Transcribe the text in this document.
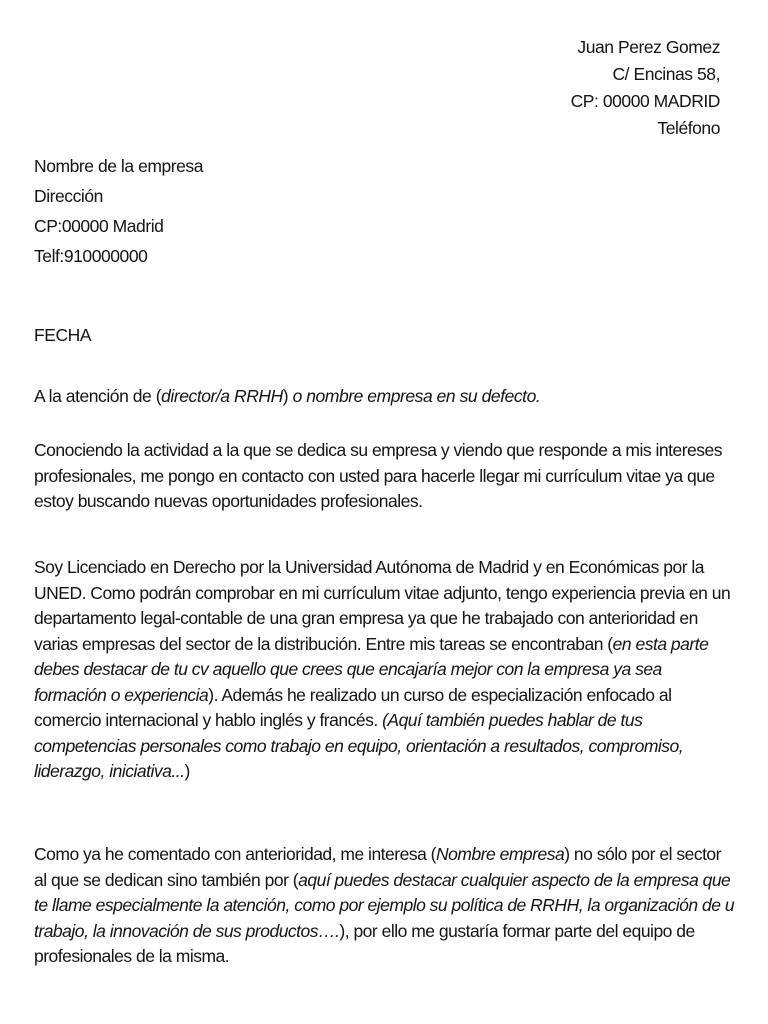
Juan Perez Gomez
C/ Encinas 58,
CP: 00000 MADRID
Teléfono
Nombre de la empresa
Dirección
CP:00000 Madrid
Telf:910000000
FECHA
A la atención de (director/a RRHH) o nombre empresa en su defecto.
Conociendo la actividad a la que se dedica su empresa y viendo que responde a mis intereses
profesionales, me pongo en contacto con usted para hacerle llegar mi currículum vitae ya que
estoy buscando nuevas oportunidades profesionales.
Soy Licenciado en Derecho por la Universidad Autónoma de Madrid y en Económicas por la
UNED. Como podrán comprobar en mi currículum vitae adjunto, tengo experiencia previa en un
departamento legal-contable de una gran empresa ya que he trabajado con anterioridad en
varias empresas del sector de la distribución. Entre mis tareas se encontraban (en esta parte
debes destacar de tu cv aquello que crees que encajaría mejor con la empresa ya sea
formación o experiencia). Además he realizado un curso de especialización enfocado al
comercio internacional y hablo inglés y francés. (Aquí también puedes hablar de tus
competencias personales como trabajo en equipo, orientación a resultados, compromiso,
liderazgo, iniciativa...)
Como ya he comentado con anterioridad, me interesa (Nombre empresa) no sólo por el sector
al que se dedican sino también por (aquí puedes destacar cualquier aspecto de la empresa que
te llame especialmente la atención, como por ejemplo su política de RRHH, la organización de u
trabajo, la innovación de sus productos….), por ello me gustaría formar parte del equipo de
profesionales de la misma.
